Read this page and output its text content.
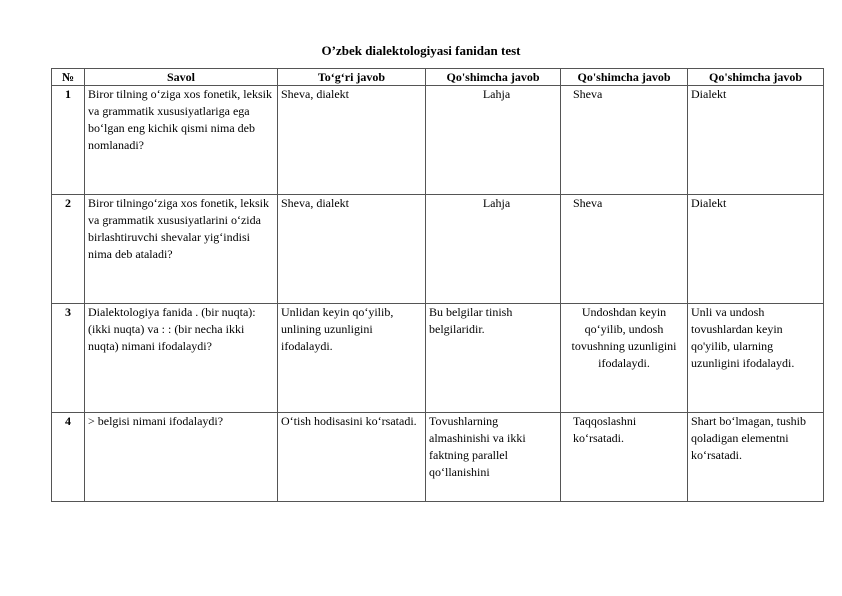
O’zbek dialektologiyasi fanidan test
№	Savol	To‘g‘ri javob	Qo'shimcha javob	Qo'shimcha javob	Qo'shimcha javob
1	Biror tilning o‘ziga xos fonetik, leksik va grammatik xususiyatlariga ega bo‘lgan eng kichik qismi nima deb nomlanadi?	Sheva, dialekt	Lahja	Sheva	Dialekt
2	Biror tilningo‘ziga xos fonetik, leksik va grammatik xususiyatlarini o‘zida birlashtiruvchi shevalar yig‘indisi nima deb ataladi?	Sheva, dialekt	Lahja	Sheva	Dialekt
3	Dialektologiya fanida . (bir nuqta): (ikki nuqta) va : : (bir necha ikki nuqta) nimani ifodalaydi?	Unlidan keyin qo‘yilib, unlining uzunligini ifodalaydi.	Bu belgilar tinish belgilaridir.	Undoshdan keyin qo‘yilib, undosh tovushning uzunligini ifodalaydi.	Unli va undosh tovushlardan keyin qo'yilib, ularning uzunligini ifodalaydi.
4	> belgisi nimani ifodalaydi?	O‘tish hodisasini ko‘rsatadi.	Tovushlarning almashinishi va ikki faktning parallel qo‘llanishini	Taqqoslashni ko‘rsatadi.	Shart bo‘lmagan, tushib qoladigan elementni ko‘rsatadi.
